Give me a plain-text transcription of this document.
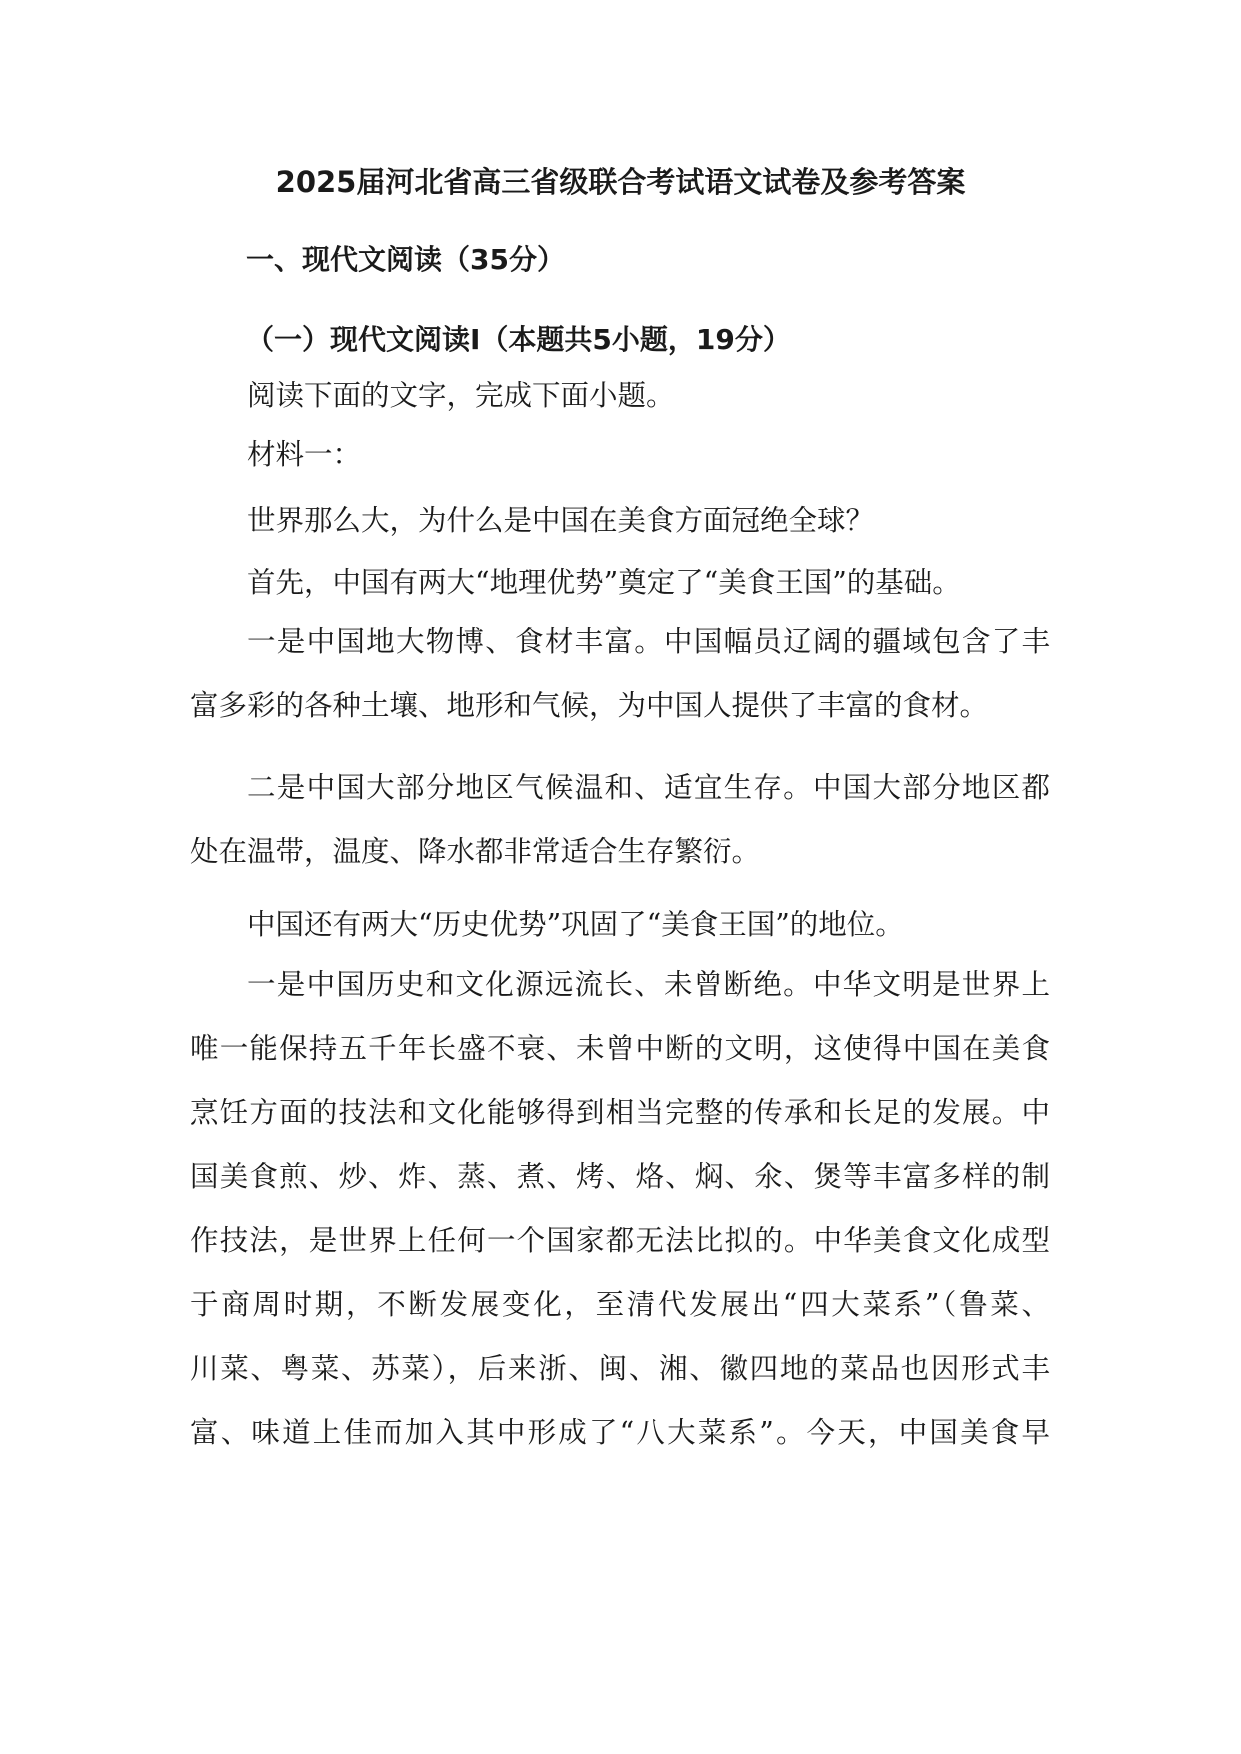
2025届河北省高三省级联合考试语文试卷及参考答案
一、现代文阅读（35分）
（一）现代文阅读Ⅰ（本题共5小题，19分）
阅读下面的文字，完成下面小题。
材料一：
世界那么大，为什么是中国在美食方面冠绝全球？
首先，中国有两大“地理优势”奠定了“美食王国”的基础。
一是中国地大物博、食材丰富。中国幅员辽阔的疆域包含了丰
富多彩的各种土壤、地形和气候，为中国人提供了丰富的食材。
二是中国大部分地区气候温和、适宜生存。中国大部分地区都
处在温带，温度、降水都非常适合生存繁衍。
中国还有两大“历史优势”巩固了“美食王国”的地位。
一是中国历史和文化源远流长、未曾断绝。中华文明是世界上
唯一能保持五千年长盛不衰、未曾中断的文明，这使得中国在美食
烹饪方面的技法和文化能够得到相当完整的传承和长足的发展。中
国美食煎、炒、炸、蒸、煮、烤、烙、焖、氽、煲等丰富多样的制
作技法，是世界上任何一个国家都无法比拟的。中华美食文化成型
于商周时期，不断发展变化，至清代发展出“四大菜系”（鲁菜、
川菜、粤菜、苏菜），后来浙、闽、湘、徽四地的菜品也因形式丰
富、味道上佳而加入其中形成了“八大菜系”。今天，中国美食早
